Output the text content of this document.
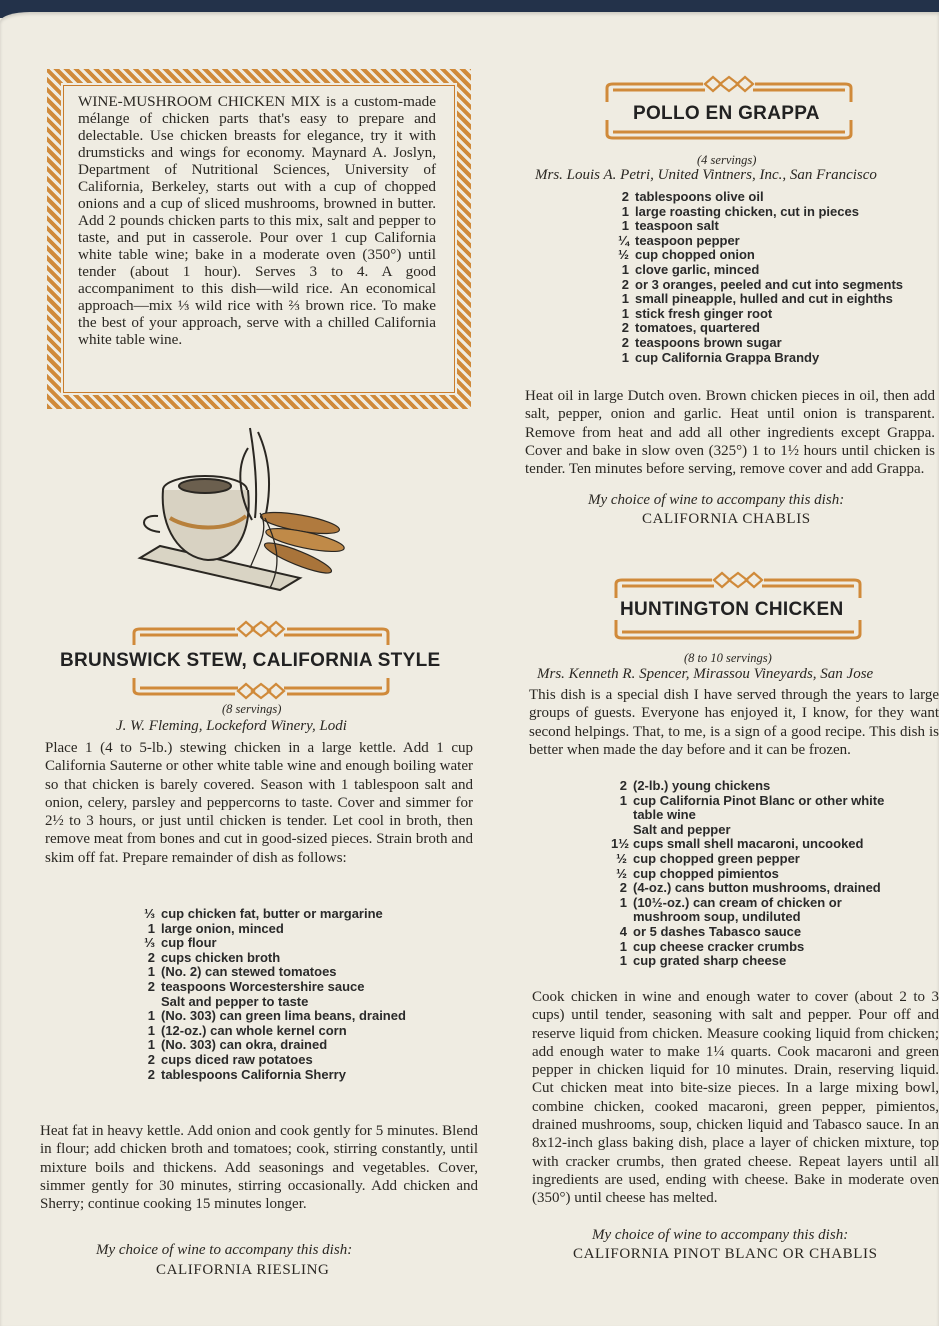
WINE-MUSHROOM CHICKEN MIX is a custom-made mélange of chicken parts that's easy to prepare and delectable. Use chicken breasts for elegance, try it with drumsticks and wings for economy. Maynard A. Joslyn, Department of Nutritional Sciences, University of California, Berkeley, starts out with a cup of chopped onions and a cup of sliced mushrooms, browned in butter. Add 2 pounds chicken parts to this mix, salt and pepper to taste, and put in casserole. Pour over 1 cup California white table wine; bake in a moderate oven (350°) until tender (about 1 hour). Serves 3 to 4. A good accompaniment to this dish—wild rice. An economical approach—mix ⅓ wild rice with ⅔ brown rice. To make the best of your approach, serve with a chilled California white table wine.

BRUNSWICK STEW, CALIFORNIA STYLE

(8 servings)

J. W. Fleming, Lockeford Winery, Lodi

Place 1 (4 to 5-lb.) stewing chicken in a large kettle. Add 1 cup California Sauterne or other white table wine and enough boiling water so that chicken is barely covered. Season with 1 tablespoon salt and onion, celery, parsley and peppercorns to taste. Cover and simmer for 2½ to 3 hours, or just until chicken is tender. Let cool in broth, then remove meat from bones and cut in good-sized pieces. Strain broth and skim off fat. Prepare remainder of dish as follows:

⅓ cup chicken fat, butter or margarine
1 large onion, minced
⅓ cup flour
2 cups chicken broth
1 (No. 2) can stewed tomatoes
2 teaspoons Worcestershire sauce
Salt and pepper to taste
1 (No. 303) can green lima beans, drained
1 (12-oz.) can whole kernel corn
1 (No. 303) can okra, drained
2 cups diced raw potatoes
2 tablespoons California Sherry

Heat fat in heavy kettle. Add onion and cook gently for 5 minutes. Blend in flour; add chicken broth and tomatoes; cook, stirring constantly, until mixture boils and thickens. Add seasonings and vegetables. Cover, simmer gently for 30 minutes, stirring occasionally. Add chicken and Sherry; continue cooking 15 minutes longer.

My choice of wine to accompany this dish:

CALIFORNIA RIESLING

POLLO EN GRAPPA

(4 servings)

Mrs. Louis A. Petri, United Vintners, Inc., San Francisco

2 tablespoons olive oil
1 large roasting chicken, cut in pieces
1 teaspoon salt
¼ teaspoon pepper
½ cup chopped onion
1 clove garlic, minced
2 or 3 oranges, peeled and cut into segments
1 small pineapple, hulled and cut in eighths
1 stick fresh ginger root
2 tomatoes, quartered
2 teaspoons brown sugar
1 cup California Grappa Brandy

Heat oil in large Dutch oven. Brown chicken pieces in oil, then add salt, pepper, onion and garlic. Heat until onion is transparent. Remove from heat and add all other ingredients except Grappa. Cover and bake in slow oven (325°) 1 to 1½ hours until chicken is tender. Ten minutes before serving, remove cover and add Grappa.

My choice of wine to accompany this dish:

CALIFORNIA CHABLIS

HUNTINGTON CHICKEN

(8 to 10 servings)

Mrs. Kenneth R. Spencer, Mirassou Vineyards, San Jose

This dish is a special dish I have served through the years to large groups of guests. Everyone has enjoyed it, I know, for they want second helpings. That, to me, is a sign of a good recipe. This dish is better when made the day before and it can be frozen.

2 (2-lb.) young chickens
1 cup California Pinot Blanc or other white table wine
Salt and pepper
1½ cups small shell macaroni, uncooked
½ cup chopped green pepper
½ cup chopped pimientos
2 (4-oz.) cans button mushrooms, drained
1 (10½-oz.) can cream of chicken or mushroom soup, undiluted
4 or 5 dashes Tabasco sauce
1 cup cheese cracker crumbs
1 cup grated sharp cheese

Cook chicken in wine and enough water to cover (about 2 to 3 cups) until tender, seasoning with salt and pepper. Pour off and reserve liquid from chicken. Measure cooking liquid from chicken; add enough water to make 1¼ quarts. Cook macaroni and green pepper in chicken liquid for 10 minutes. Drain, reserving liquid. Cut chicken meat into bite-size pieces. In a large mixing bowl, combine chicken, cooked macaroni, green pepper, pimientos, drained mushrooms, soup, chicken liquid and Tabasco sauce. In an 8x12-inch glass baking dish, place a layer of chicken mixture, top with cracker crumbs, then grated cheese. Repeat layers until all ingredients are used, ending with cheese. Bake in moderate oven (350°) until cheese has melted.

My choice of wine to accompany this dish:

CALIFORNIA PINOT BLANC OR CHABLIS
